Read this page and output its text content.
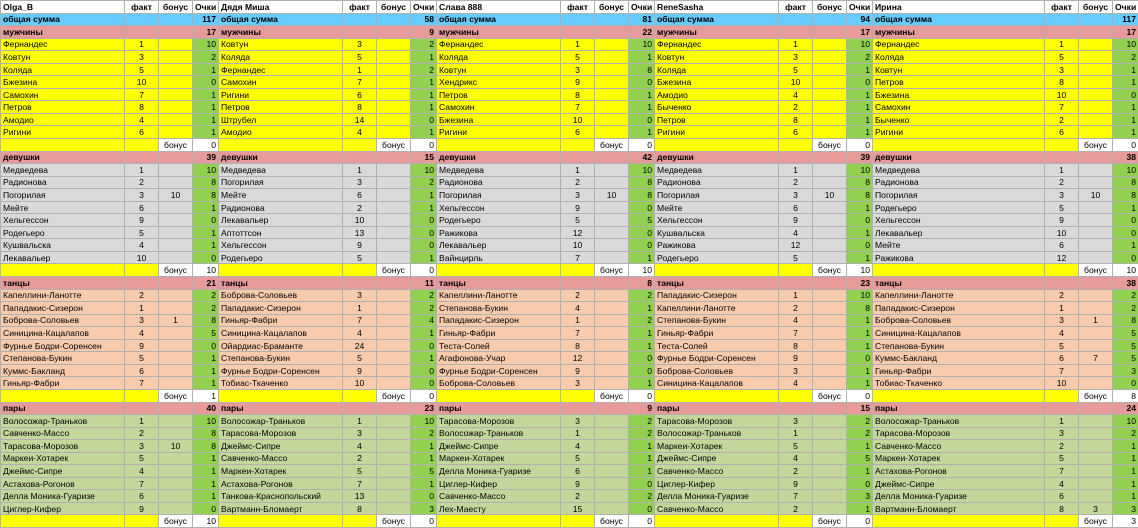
Olga_B	факт	бонус	Очки	Дядя Миша	факт	бонус	Очки	Слава 888	факт	бонус	Очки	ReneSasha	факт	бонус	Очки	Ирина	факт	бонус	Очки
общая сумма			117	общая сумма			58	общая сумма			81	общая сумма			94	общая сумма			117
мужчины			17	мужчины			9	мужчины			22	мужчины			17	мужчины			17
Фернандес	1		10	Ковтун	3		2	Фернандес	1		10	Фернандес	1		10	Фернандес	1		10
Ковтун	3		2	Коляда	5		1	Коляда	5		1	Ковтун	3		2	Коляда	5		2
Коляда	5		1	Фернандес	1		2	Ковтун	3		8	Коляда	5		1	Ковтун	3		1
Бжезина	10		0	Самохин	7		1	Хендрикс	9		0	Бжезина	10		0	Петров	8		1
Самохин	7		1	Ригини	6		1	Петров	8		1	Амодио	4		1	Бжезина	10		0
Петров	8		1	Петров	8		1	Самохин	7		1	Быченко	2		1	Самохин	7		1
Амодио	4		1	Штрубел	14		0	Бжезина	10		0	Петров	8		1	Быченко	2		1
Ригини	6		1	Амодио	4		1	Ригини	6		1	Ригини	6		1	Ригини	6		1
		бонус	0			бонус	0			бонус	0			бонус	0			бонус	0
девушки			39	девушки			15	девушки			42	девушки			39	девушки			38
Медведева	1		10	Медведева	1		10	Медведева	1		10	Медведева	1		10	Медведева	1		10
Радионова	2		8	Погорилая	3		2	Радионова	2		8	Радионова	2		8	Радионова	2		8
Погорилая	3	10	8	Мейте	6		1	Погорилая	3	10	8	Погорилая	3	10	8	Погорилая	3	10	8
Мейте	6		1	Радионова	2		1	Хельгессон	9		0	Мейте	6		1	Родегьеро	5		1
Хельгессон	9		0	Лекавальер	10		0	Родегьеро	5		5	Хельгессон	9		0	Хельгессон	9		0
Родегьеро	5		1	Аптоттсон	13		0	Ражикова	12		0	Кушвальска	4		1	Лекавальер	10		0
Кушвальска	4		1	Хельгессон	9		0	Лекавальер	10		0	Ражикова	12		0	Мейте	6		1
Лекавальер	10		0	Родегьеро	5		1	Вайнцирль	7		1	Родегьеро	5		1	Ражикова	12		0
		бонус	10			бонус	0			бонус	10			бонус	10			бонус	10
танцы			21	танцы			11	танцы			8	танцы			23	танцы			38
Капеллини-Ланотте	2		2	Боброва-Соловьев	3		2	Капеллини-Ланотте	2		2	Пападакис-Сизерон	1		10	Капеллини-Ланотте	2		2
Пападакис-Сизерон	1		2	Пападакис-Сизерон	1		2	Степанова-Букин	4		1	Капеллини-Ланотте	2		8	Пападакис-Сизерон	1		2
Боброва-Соловьев	3	1	8	Гиньяр-Фабри	7		4	Пападакис-Сизерон	1		2	Степанова-Букин	4		1	Боброва-Соловьев	3	1	8
Синицина-Кацалапов	4		5	Синицина-Кацалапов	4		1	Гиньяр-Фабри	7		1	Гиньяр-Фабри	7		1	Синицина-Кацалапов	4		5
Фурнье Бодри-Соренсен	9		0	Ойардиас-Браманте	24		0	Теста-Солей	8		1	Теста-Солей	8		1	Степанова-Букин	5		5
Степанова-Букин	5		1	Степанова-Букин	5		1	Агафонова-Учар	12		0	Фурнье Бодри-Соренсен	9		0	Куммс-Бакланд	6	7	5
Куммс-Бакланд	6		1	Фурнье Бодри-Соренсен	9		0	Фурнье Бодри-Соренсен	9		0	Боброва-Соловьев	3		1	Гиньяр-Фабри	7		3
Гиньяр-Фабри	7		1	Тобиас-Ткаченко	10		0	Боброва-Соловьев	3		1	Синицина-Кацалапов	4		1	Тобиас-Ткаченко	10		0
		бонус	1			бонус	0			бонус	0			бонус	0			бонус	8
пары			40	пары			23	пары			9	пары			15	пары			24
Волосожар-Траньков	1		10	Волосожар-Траньков	1		10	Тарасова-Морозов	3		2	Тарасова-Морозов	3		2	Волосожар-Траньков	1		10
Савченко-Массо	2		8	Тарасова-Морозов	3		2	Волосожар-Траньков	1		2	Волосожар-Траньков	1		2	Тарасова-Морозов	3		2
Тарасова-Морозов	3	10	8	Джеймс-Сипре	4		1	Джеймс-Сипре	4		1	Маркеи-Хотарек	5		1	Савченко-Массо	2		1
Маркеи-Хотарек	5		1	Савченко-Массо	2		1	Маркеи-Хотарек	5		1	Джеймс-Сипре	4		5	Маркеи-Хотарек	5		1
Джеймс-Сипре	4		1	Маркеи-Хотарек	5		5	Делла Моника-Гуаризе	6		1	Савченко-Массо	2		1	Астахова-Рогонов	7		1
Астахова-Рогонов	7		1	Астахова-Рогонов	7		1	Циглер-Кифер	9		0	Циглер-Кифер	9		0	Джеймс-Сипре	4		1
Делла Моника-Гуаризе	6		1	Танкова-Краснопольский	13		0	Савченко-Массо	2		2	Делла Моника-Гуаризе	7		3	Делла Моника-Гуаризе	6		1
Циглер-Кифер	9		0	Вартманн-Бломаерт	8		3	Лех-Маесту	15		0	Савченко-Массо	2		1	Вартманн-Бломаерт	8	3	3
		бонус	10			бонус	0			бонус	0			бонус	0			бонус	3
